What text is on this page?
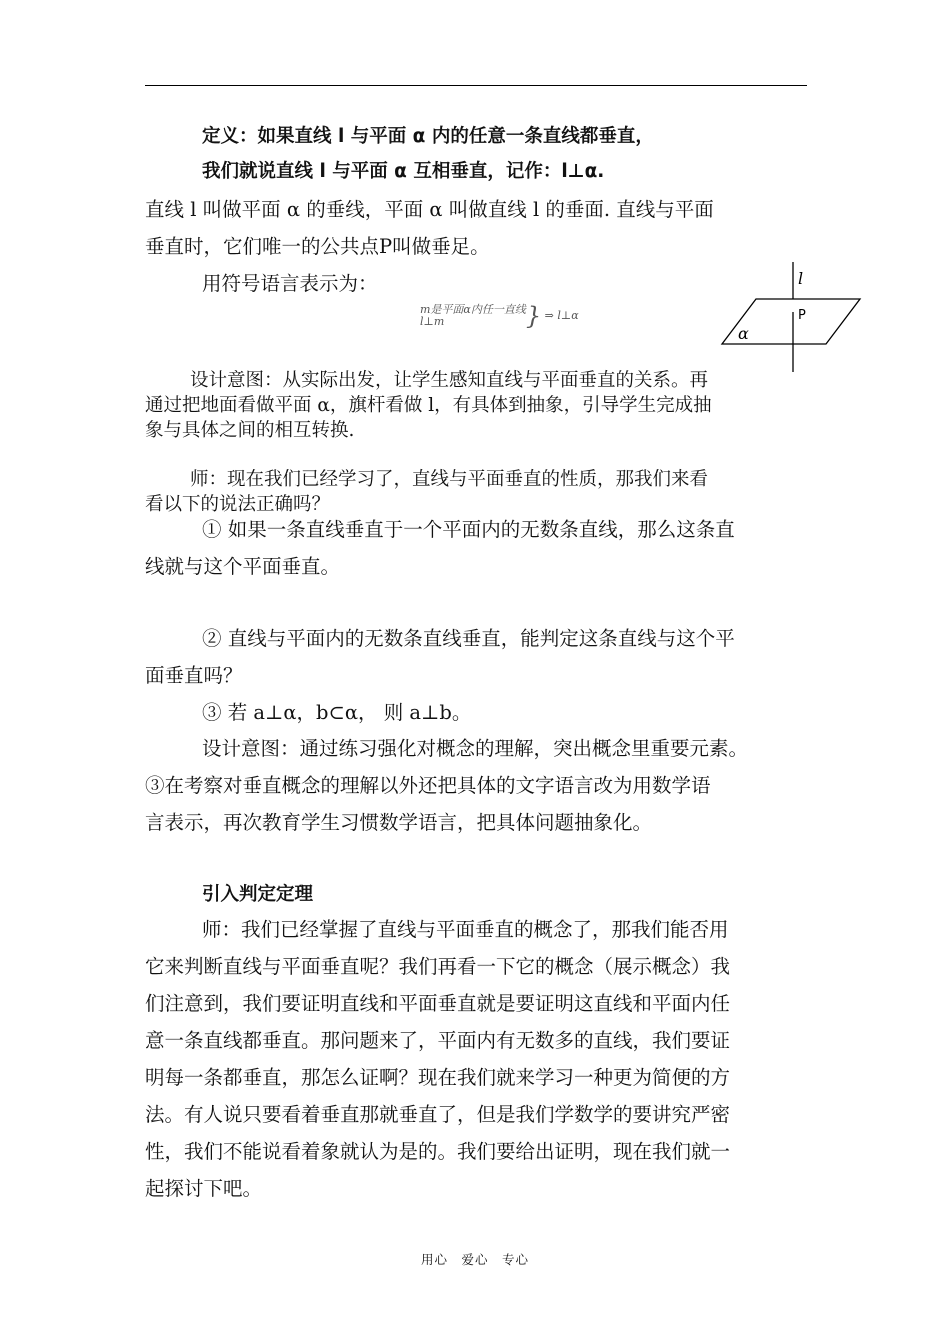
定义：如果直线 l 与平面 α 内的任意一条直线都垂直，
我们就说直线 l 与平面 α 互相垂直，记作：l⊥α.
直线 l 叫做平面 α 的垂线，平面 α 叫做直线 l 的垂面. 直线与平面
垂直时，它们唯一的公共点P叫做垂足。
用符号语言表示为：
m是平面α内任一直线
l⊥m	} ⇒ l⊥α
l
P
α
设计意图：从实际出发，让学生感知直线与平面垂直的关系。再
通过把地面看做平面 α，旗杆看做 l，有具体到抽象，引导学生完成抽
象与具体之间的相互转换.
师：现在我们已经学习了，直线与平面垂直的性质，那我们来看
看以下的说法正确吗？
① 如果一条直线垂直于一个平面内的无数条直线，那么这条直
线就与这个平面垂直。
② 直线与平面内的无数条直线垂直，能判定这条直线与这个平
面垂直吗？
③ 若 a⊥α，b⊂α， 则 a⊥b。
设计意图：通过练习强化对概念的理解，突出概念里重要元素。
③在考察对垂直概念的理解以外还把具体的文字语言改为用数学语
言表示，再次教育学生习惯数学语言，把具体问题抽象化。
引入判定定理
师：我们已经掌握了直线与平面垂直的概念了，那我们能否用
它来判断直线与平面垂直呢？我们再看一下它的概念（展示概念）我
们注意到，我们要证明直线和平面垂直就是要证明这直线和平面内任
意一条直线都垂直。那问题来了，平面内有无数多的直线，我们要证
明每一条都垂直，那怎么证啊？现在我们就来学习一种更为简便的方
法。有人说只要看着垂直那就垂直了，但是我们学数学的要讲究严密
性，我们不能说看着象就认为是的。我们要给出证明，现在我们就一
起探讨下吧。
用心　爱心　专心
